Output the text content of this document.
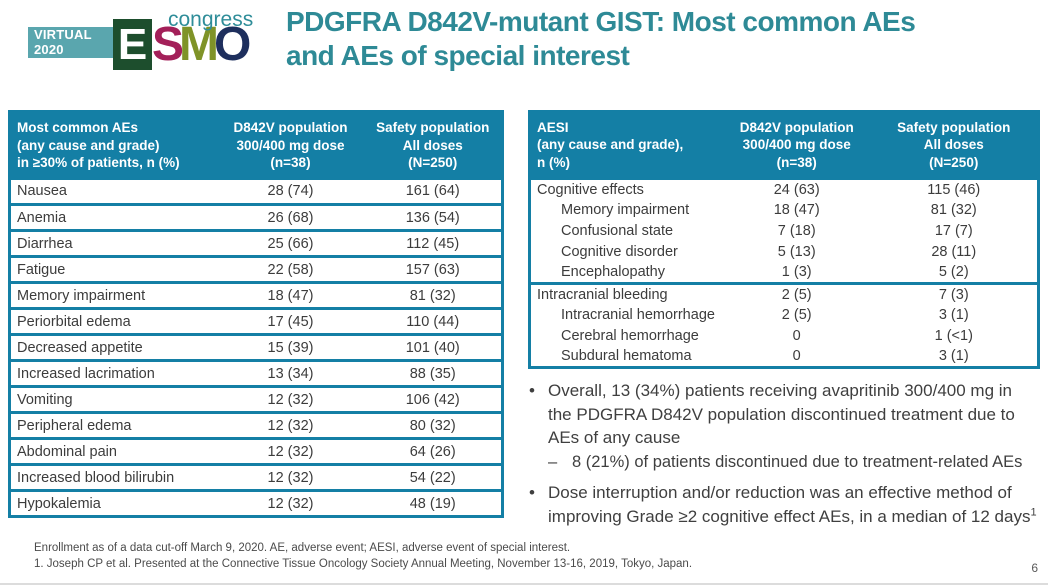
VIRTUAL
2020	E S
M
O
congress PDGFRA D842V-mutant GIST: Most common AEs
and AEs of special interest
Most common AEs
(any cause and grade)
in ≥30% of patients, n (%)

D842V population
300/400 mg dose
(n=38)

Safety population
All doses
(N=250)

Nausea	28 (74)	161 (64)
Anemia	26 (68)	136 (54)
Diarrhea	25 (66)	112 (45)
Fatigue	22 (58)	157 (63)
Memory impairment	18 (47)	81 (32)
Periorbital edema	17 (45)	110 (44)
Decreased appetite	15 (39)	101 (40)
Increased lacrimation	13 (34)	88 (35)
Vomiting	12 (32)	106 (42)
Peripheral edema	12 (32)	80 (32)
Abdominal pain	12 (32)	64 (26)
Increased blood bilirubin	12 (32)	54 (22)
Hypokalemia	12 (32)	48 (19)
AESI
(any cause and grade),
n (%)

D842V population
300/400 mg dose
(n=38)

Safety population
All doses
(N=250)

Cognitive effects	24 (63)	115 (46)
Memory impairment	18 (47)	81 (32)
Confusional state	7 (18)	17 (7)
Cognitive disorder	5 (13)	28 (11)
Encephalopathy	1 (3)	5 (2)
Intracranial bleeding	2 (5)	7 (3)
Intracranial hemorrhage	2 (5)	3 (1)
Cerebral hemorrhage	0	1 (<1)
Subdural hematoma	0	3 (1)
• Overall, 13 (34%) patients receiving avapritinib 300/400 mg in
the PDGFRA D842V population discontinued treatment due to
AEs of any cause
– 8 (21%) of patients discontinued due to treatment-related AEs
• Dose interruption and/or reduction was an effective method of
improving Grade ≥2 cognitive effect AEs, in a median of 12 days$^1$
Enrollment as of a data cut-off March 9, 2020. AE, adverse event; AESI, adverse event of special interest.
1. Joseph CP et al. Presented at the Connective Tissue Oncology Society Annual Meeting, November 13-16, 2019, Tokyo, Japan.	6
